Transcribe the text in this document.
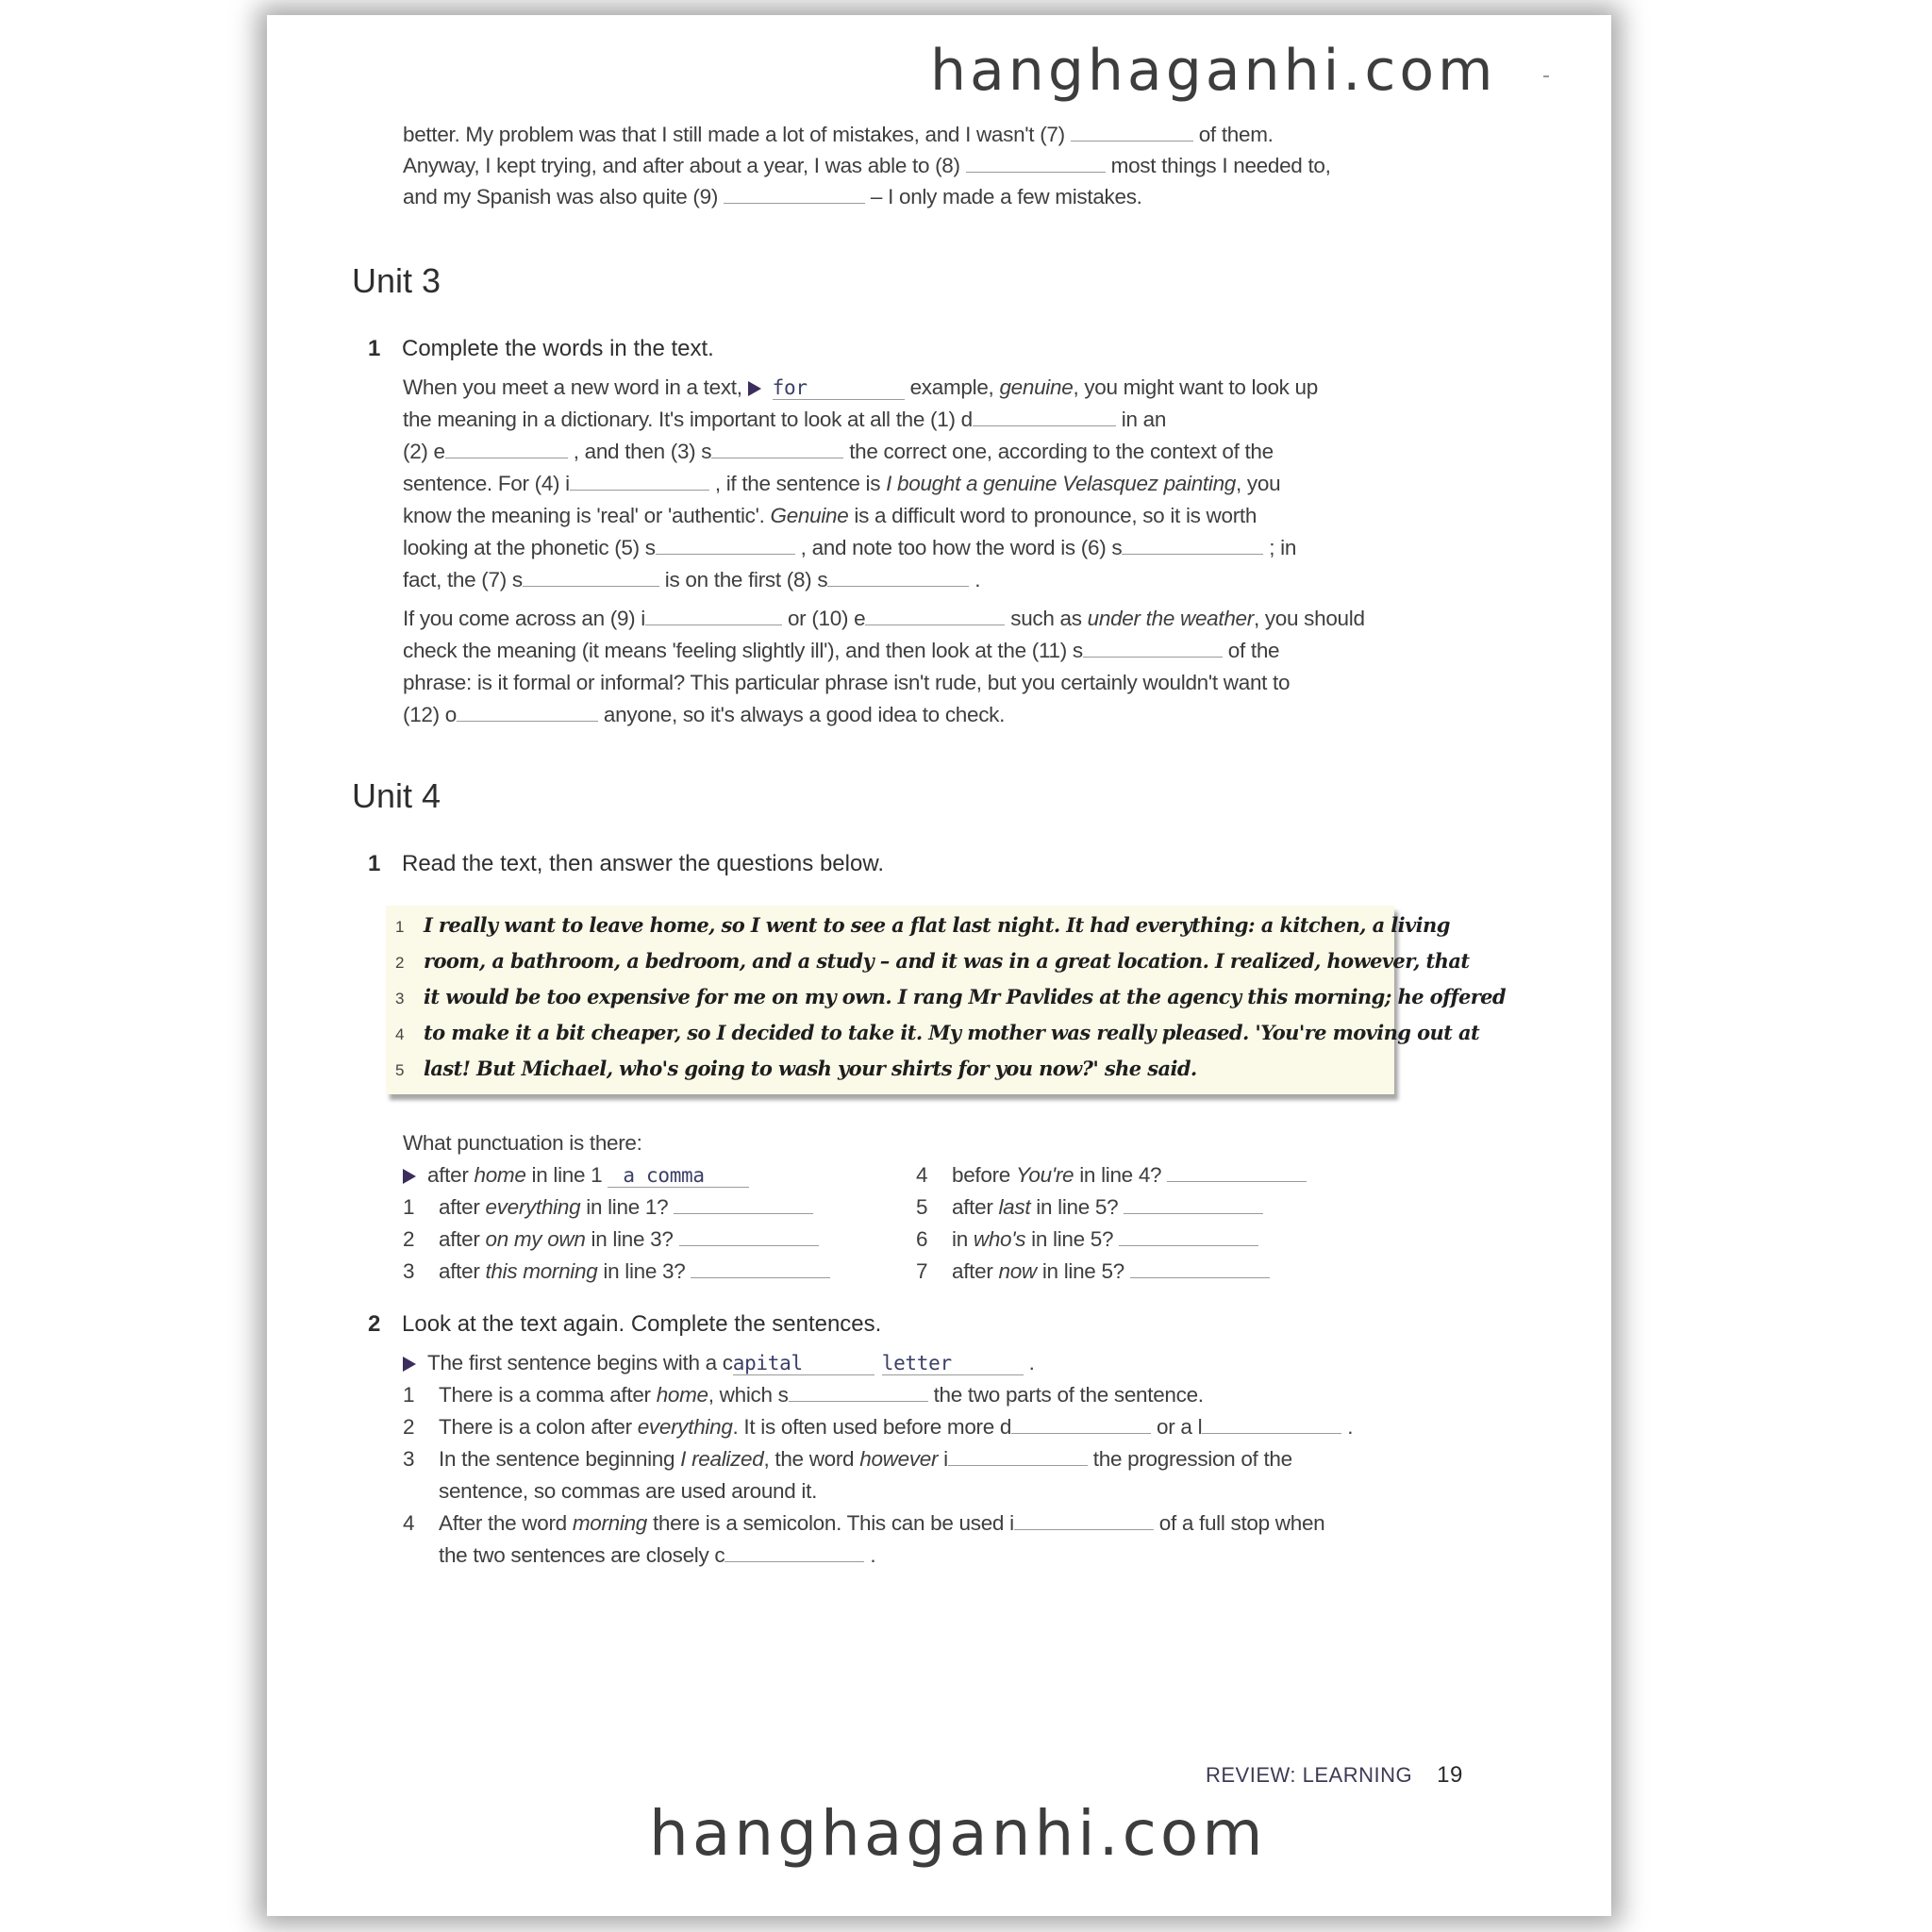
hanghaganhi.com
better. My problem was that I still made a lot of mistakes, and I wasn't (7)	of them.
Anyway, I kept trying, and after about a year, I was able to (8)	most things I needed to,
and my Spanish was also quite (9)	– I only made a few mistakes.
Unit 3
1 Complete the words in the text.
When you meet a new word in a text, for	example, genuine, you might want to look up
the meaning in a dictionary. It's important to look at all the (1) d	in an
(2) e	, and then (3) s	the correct one, according to the context of the
sentence. For (4) i	, if the sentence is I bought a genuine Velasquez painting, you
know the meaning is 'real' or 'authentic'. Genuine is a difficult word to pronounce, so it is worth
looking at the phonetic (5) s	, and note too how the word is (6) s	; in
fact, the (7) s	is on the first (8) s	.
If you come across an (9) i	or (10) e	such as under the weather, you should
check the meaning (it means 'feeling slightly ill'), and then look at the (11) s	of the
phrase: is it formal or informal? This particular phrase isn't rude, but you certainly wouldn't want to
(12) o	anyone, so it's always a good idea to check.
Unit 4
1 Read the text, then answer the questions below.
1 I really want to leave home, so I went to see a flat last night. It had everything: a kitchen, a living
2 room, a bathroom, a bedroom, and a study – and it was in a great location. I realized, however, that
3 it would be too expensive for me on my own. I rang Mr Pavlides at the agency this morning; he offered
4 to make it a bit cheaper, so I decided to take it. My mother was really pleased. 'You're moving out at
5 last! But Michael, who's going to wash your shirts for you now?' she said.
What punctuation is there:
after home in line 1 a comma
1 after everything in line 1?
2 after on my own in line 3?
3 after this morning in line 3?
4 before You're in line 4?
5 after last in line 5?
6 in who's in line 5?
7 after now in line 5?
2 Look at the text again. Complete the sentences.
The first sentence begins with a capital	letter	.
1 There is a comma after home, which s	the two parts of the sentence.
2 There is a colon after everything. It is often used before more d	or a l	.
3 In the sentence beginning I realized, the word however i	the progression of the
sentence, so commas are used around it.
4 After the word morning there is a semicolon. This can be used i	of a full stop when
the two sentences are closely c	.
REVIEW: LEARNING 19
hanghaganhi.com
